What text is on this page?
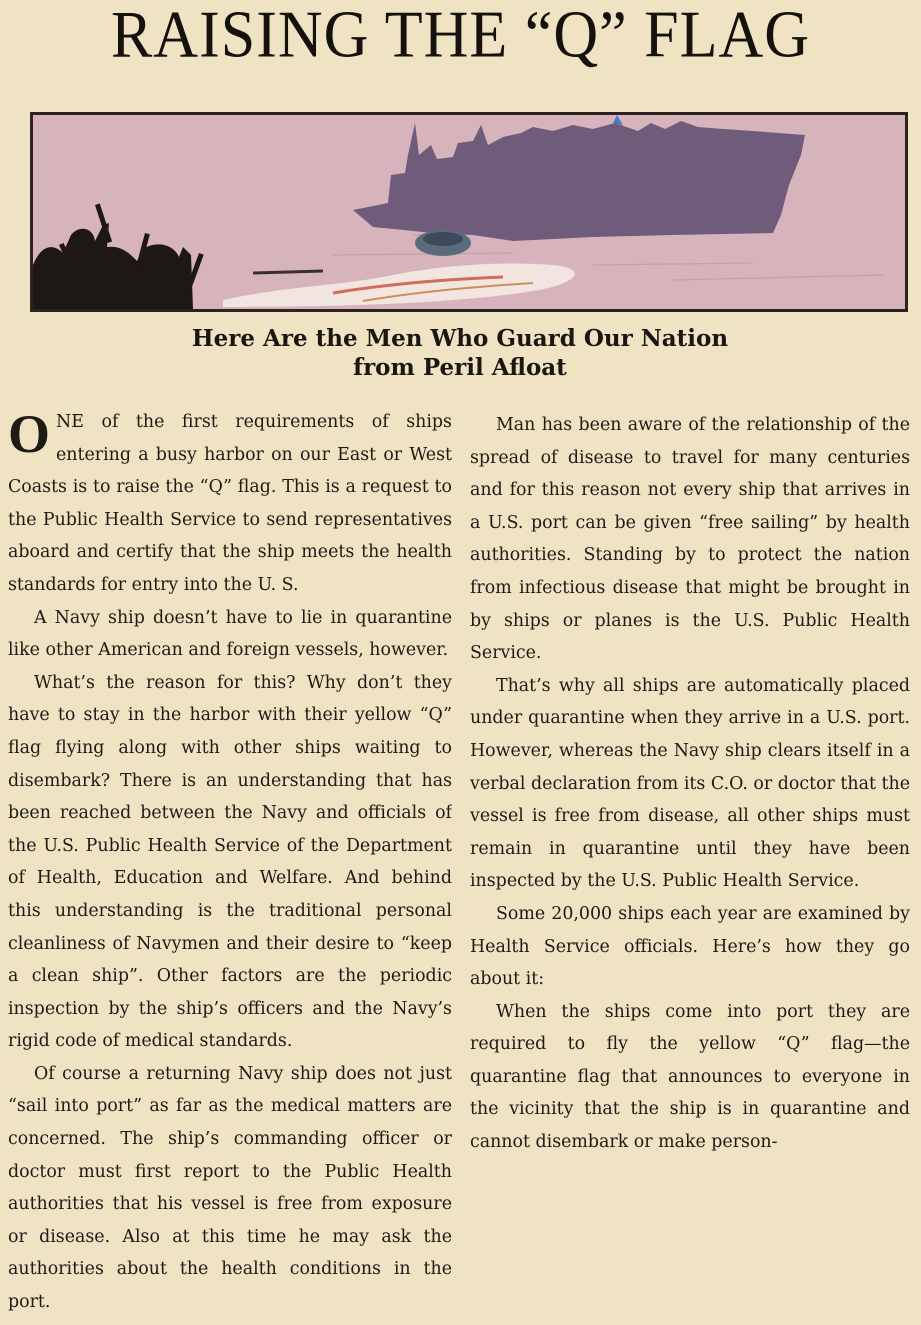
RAISING THE “Q” FLAG
Here Are the Men Who Guard Our Nation
from Peril Afloat

ONE of the first requirements of ships entering a busy harbor on our East or West Coasts is to raise the “Q” flag. This is a request to the Public Health Service to send representatives aboard and certify that the ship meets the health standards for entry into the U. S.

A Navy ship doesn’t have to lie in quarantine like other American and foreign vessels, however.

What’s the reason for this? Why don’t they have to stay in the harbor with their yellow “Q” flag flying along with other ships waiting to disembark? There is an understanding that has been reached between the Navy and officials of the U.S. Public Health Service of the Department of Health, Education and Welfare. And behind this understanding is the traditional personal cleanliness of Navymen and their desire to “keep a clean ship”. Other factors are the periodic inspection by the ship’s officers and the Navy’s rigid code of medical standards.

Of course a returning Navy ship does not just “sail into port” as far as the medical matters are concerned. The ship’s commanding officer or doctor must first report to the Public Health authorities that his vessel is free from exposure or disease. Also at this time he may ask the authorities about the health conditions in the port.

Man has been aware of the relationship of the spread of disease to travel for many centuries and for this reason not every ship that arrives in a U.S. port can be given “free sailing” by health authorities. Standing by to protect the nation from infectious disease that might be brought in by ships or planes is the U.S. Public Health Service.

That’s why all ships are automatically placed under quarantine when they arrive in a U.S. port. However, whereas the Navy ship clears itself in a verbal declaration from its C.O. or doctor that the vessel is free from disease, all other ships must remain in quarantine until they have been inspected by the U.S. Public Health Service.

Some 20,000 ships each year are examined by Health Service officials. Here’s how they go about it:

When the ships come into port they are required to fly the yellow “Q” flag—the quarantine flag that announces to everyone in the vicinity that the ship is in quarantine and cannot disembark or make person-
